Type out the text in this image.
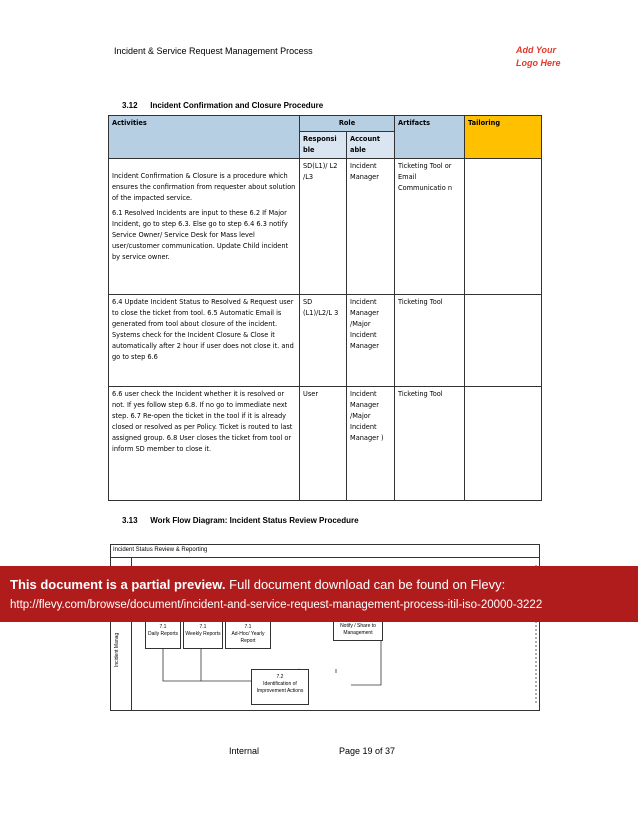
Incident & Service Request Management Process	Add Your
Logo Here
3.12 Incident Confirmation and Closure Procedure
Activities	Role		Artifacts	Tailoring
	Responsi ble	Account able		

Incident Confirmation & Closure is a procedure which ensures the confirmation from requester about solution of the impacted service.

6.1 Resolved Incidents are input to these 6.2 If Major Incident, go to step 6.3. Else go to step 6.4 6.3 notify Service Owner/ Service Desk for Mass level user/customer communication. Update Child incident by service owner.	SD(L1)/ L2 /L3	Incident Manager	Ticketing Tool or Email Communicatio n	

6.4 Update Incident Status to Resolved & Request user to close the ticket from tool. 6.5 Automatic Email is generated from tool about closure of the incident. Systems check for the Incident Closure & Close it automatically after 2 hour if user does not close it. and go to step 6.6	SD (L1)/L2/L 3	Incident Manager /Major Incident Manager	Ticketing Tool	

6.6 user check the Incident whether it is resolved or not. If yes follow step 6.8. If no go to immediate next step. 6.7 Re-open the ticket in the tool if it is already closed or resolved as per Policy. Ticket is routed to last assigned group. 6.8 User closes the ticket from tool or inform SD member to close it.	User	Incident Manager /Major Incident Manager )	Ticketing Tool	
3.13 Work Flow Diagram: Incident Status Review Procedure
Incident Status Review & Reporting
Incident Manag
7.1
Daily Reports
7.1
Weekly Reports
7.1
Ad-Hoc/ Yearly
Report
Notify / Share to
Management
7.2
Identification of
Improvement Actions
This document is a partial preview. Full document download can be found on Flevy:
http://flevy.com/browse/document/incident-and-service-request-management-process-itil-iso-20000-3222
Internal	Page 19 of 37
